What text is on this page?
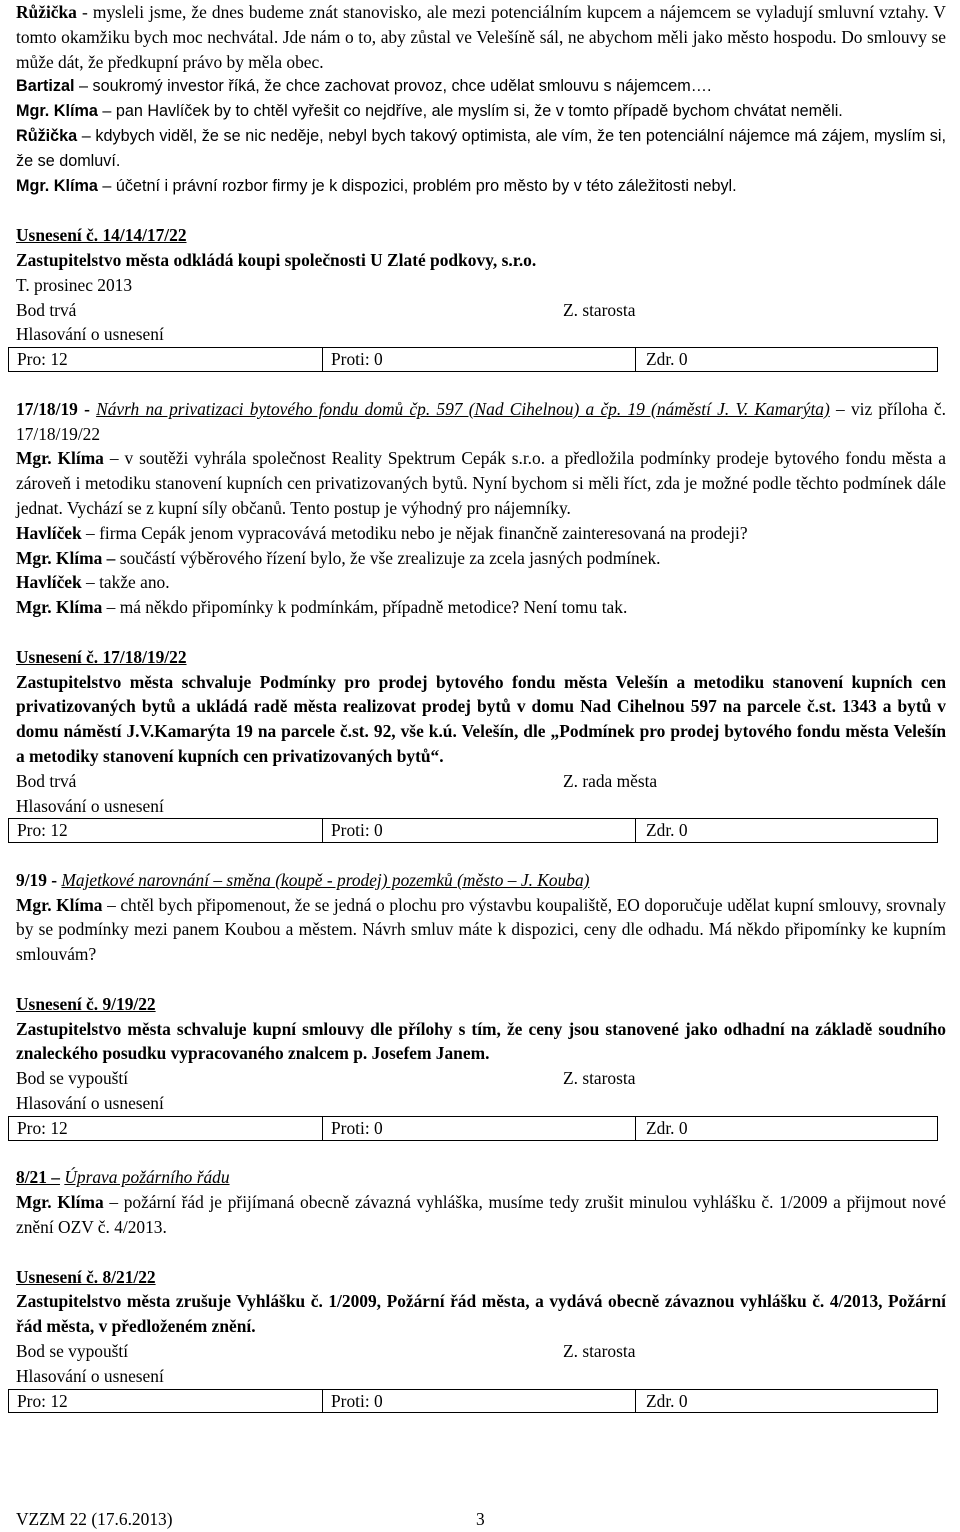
Růžička - mysleli jsme, že dnes budeme znát stanovisko, ale mezi potenciálním kupcem a nájemcem se vyladují smluvní vztahy. V tomto okamžiku bych moc nechvátal. Jde nám o to, aby zůstal ve Velešíně sál, ne abychom měli jako město hospodu. Do smlouvy se může dát, že předkupní právo by měla obec.

Bartizal – soukromý investor říká, že chce zachovat provoz, chce udělat smlouvu s nájemcem….

Mgr. Klíma – pan Havlíček by to chtěl vyřešit co nejdříve, ale myslím si, že v tomto případě bychom chvátat neměli.

Růžička – kdybych viděl, že se nic neděje, nebyl bych takový optimista, ale vím, že ten potenciální nájemce má zájem, myslím si, že se domluví.

Mgr. Klíma – účetní i právní rozbor firmy je k dispozici, problém pro město by v této záležitosti nebyl.

Usnesení č. 14/14/17/22

Zastupitelstvo města odkládá koupi společnosti U Zlaté podkovy, s.r.o.

T. prosinec 2013
Bod trvá	Z. starosta
Hlasování o usnesení
Pro: 12	Proti: 0	Zdr. 0

17/18/19 - Návrh na privatizaci bytového fondu domů čp. 597 (Nad Cihelnou) a čp. 19 (náměstí J. V. Kamarýta) – viz příloha č. 17/18/19/22

Mgr. Klíma – v soutěži vyhrála společnost Reality Spektrum Cepák s.r.o. a předložila podmínky prodeje bytového fondu města a zároveň i metodiku stanovení kupních cen privatizovaných bytů. Nyní bychom si měli říct, zda je možné podle těchto podmínek dále jednat. Vychází se z kupní síly občanů. Tento postup je výhodný pro nájemníky.

Havlíček – firma Cepák jenom vypracovává metodiku nebo je nějak finančně zainteresovaná na prodeji?

Mgr. Klíma – součástí výběrového řízení bylo, že vše zrealizuje za zcela jasných podmínek.

Havlíček – takže ano.

Mgr. Klíma – má někdo připomínky k podmínkám, případně metodice? Není tomu tak.

Usnesení č. 17/18/19/22

Zastupitelstvo města schvaluje Podmínky pro prodej bytového fondu města Velešín a metodiku stanovení kupních cen privatizovaných bytů a ukládá radě města realizovat prodej bytů v domu Nad Cihelnou 597 na parcele č.st. 1343 a bytů v domu náměstí J.V.Kamarýta 19 na parcele č.st. 92, vše k.ú. Velešín, dle „Podmínek pro prodej bytového fondu města Velešín a metodiky stanovení kupních cen privatizovaných bytů“.

Bod trvá	Z. rada města
Hlasování o usnesení
Pro: 12	Proti: 0	Zdr. 0

9/19 - Majetkové narovnání – směna (koupě - prodej) pozemků (město – J. Kouba)

Mgr. Klíma – chtěl bych připomenout, že se jedná o plochu pro výstavbu koupaliště, EO doporučuje udělat kupní smlouvy, srovnaly by se podmínky mezi panem Koubou a městem. Návrh smluv máte k dispozici, ceny dle odhadu. Má někdo připomínky ke kupním smlouvám?

Usnesení č. 9/19/22

Zastupitelstvo města schvaluje kupní smlouvy dle přílohy s tím, že ceny jsou stanovené jako odhadní na základě soudního znaleckého posudku vypracovaného znalcem p. Josefem Janem.

Bod se vypouští	Z. starosta
Hlasování o usnesení
Pro: 12	Proti: 0	Zdr. 0

8/21 – Úprava požárního řádu

Mgr. Klíma – požární řád je přijímaná obecně závazná vyhláška, musíme tedy zrušit minulou vyhlášku č. 1/2009 a přijmout nové znění OZV č. 4/2013.

Usnesení č. 8/21/22

Zastupitelstvo města zrušuje Vyhlášku č. 1/2009, Požární řád města, a vydává obecně závaznou vyhlášku č. 4/2013, Požární řád města, v předloženém znění.

Bod se vypouští	Z. starosta
Hlasování o usnesení
Pro: 12	Proti: 0	Zdr. 0
VZZM 22 (17.6.2013)	3
